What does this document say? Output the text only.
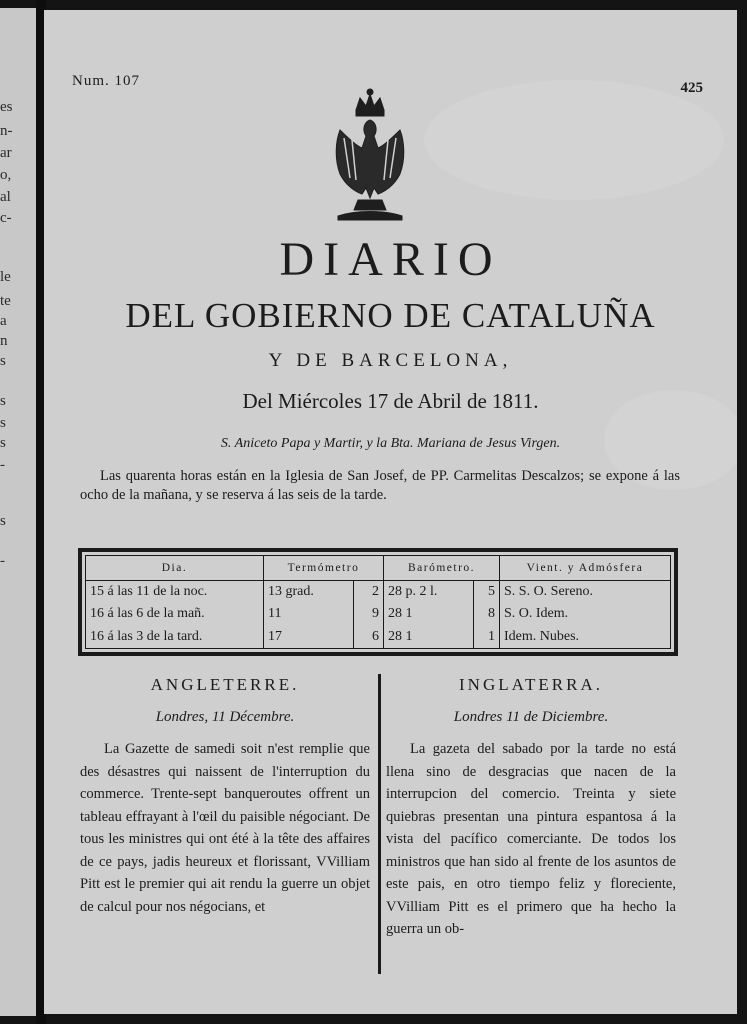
es
n-
ar
o,
al
c-
le
te
a
n
s
s
s
s
-
s
-
Num. 107	425
DIARIO
DEL GOBIERNO DE CATALUÑA
Y DE BARCELONA,
Del Miércoles 17 de Abril de 1811.
S. Aniceto Papa y Martir, y la Bta. Mariana de Jesus Virgen.
Las quarenta horas están en la Iglesia de San Josef, de PP. Carmelitas Descalzos; se expone á las ocho de la mañana, y se reserva á las seis de la tarde.
Dia.	Termómetro		Barómetro.		Vient. y Admósfera
15 á las 11 de la noc.	13 grad.	2	28 p. 2 l.	5	S. S. O. Sereno.
16 á las 6 de la mañ.	11	9	28 1	8	S. O. Idem.
16 á las 3 de la tard.	17	6	28 1	1	Idem. Nubes.
ANGLETERRE.
Londres, 11 Décembre.
La Gazette de samedi soit n'est remplie que des désastres qui naissent de l'interruption du commerce. Trente-sept banqueroutes offrent un tableau effrayant à l'œil du paisible négociant. De tous les ministres qui ont été à la tête des affaires de ce pays, jadis heureux et florissant, VVilliam Pitt est le premier qui ait rendu la guerre un objet de calcul pour nos négocians, et
INGLATERRA.
Londres 11 de Diciembre.
La gazeta del sabado por la tarde no está llena sino de desgracias que nacen de la interrupcion del comercio. Treinta y siete quiebras presentan una pintura espantosa á la vista del pacífico comerciante. De todos los ministros que han sido al frente de los asuntos de este pais, en otro tiempo feliz y floreciente, VVilliam Pitt es el primero que ha hecho la guerra un ob-
